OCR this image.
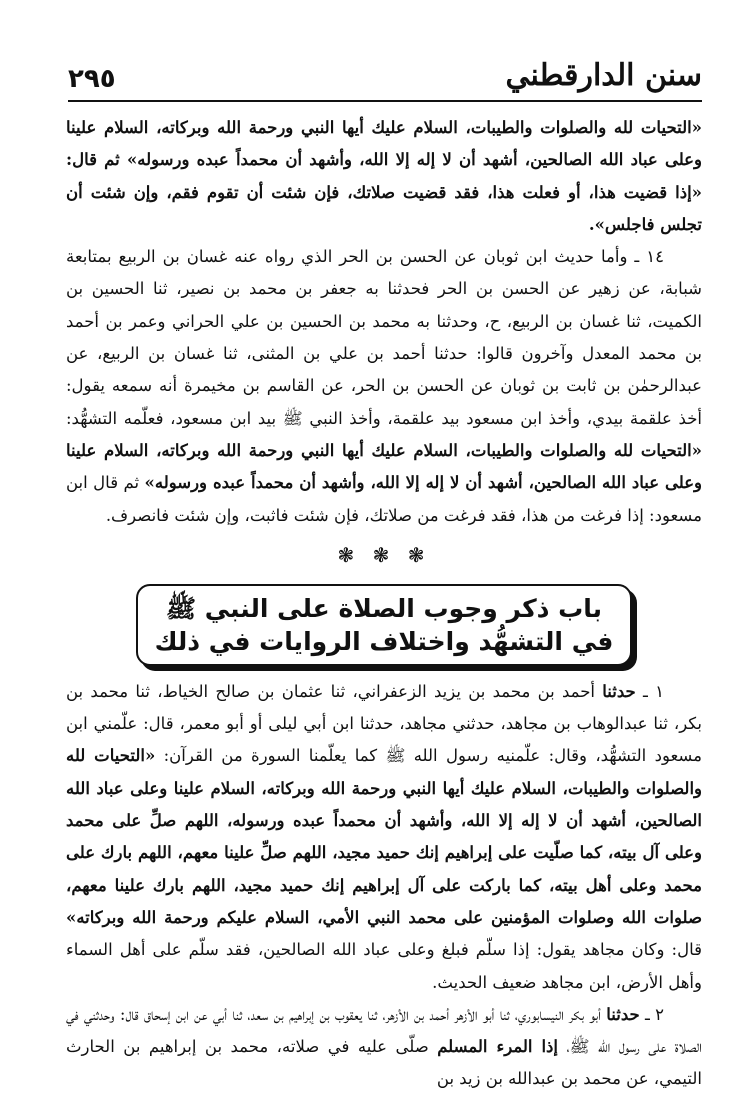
٢٩٥	سنن الدارقطني

«التحيات لله والصلوات والطيبات، السلام عليك أيها النبي ورحمة الله وبركاته، السلام علينا وعلى عباد الله الصالحين، أشهد أن لا إله إلا الله، وأشهد أن محمداً عبده ورسوله» ثم قال: «إذا قضيت هذا، أو فعلت هذا، فقد قضيت صلاتك، فإن شئت أن تقوم فقم، وإن شئت أن تجلس فاجلس».

١٤ ـ وأما حديث ابن ثوبان عن الحسن بن الحر الذي رواه عنه غسان بن الربيع بمتابعة شبابة، عن زهير عن الحسن بن الحر فحدثنا به جعفر بن محمد بن نصير، ثنا الحسين بن الكميت، ثنا غسان بن الربيع، ح، وحدثنا به محمد بن الحسين بن علي الحراني وعمر بن أحمد بن محمد المعدل وآخرون قالوا: حدثنا أحمد بن علي بن المثنى، ثنا غسان بن الربيع، عن عبدالرحمٰن بن ثابت بن ثوبان عن الحسن بن الحر، عن القاسم بن مخيمرة أنه سمعه يقول: أخذ علقمة بيدي، وأخذ ابن مسعود بيد علقمة، وأخذ النبي ﷺ بيد ابن مسعود، فعلّمه التشهُّد: «التحيات لله والصلوات والطيبات، السلام عليك أيها النبي ورحمة الله وبركاته، السلام علينا وعلى عباد الله الصالحين، أشهد أن لا إله إلا الله، وأشهد أن محمداً عبده ورسوله» ثم قال ابن مسعود: إذا فرغت من هذا، فقد فرغت من صلاتك، فإن شئت فاثبت، وإن شئت فانصرف.

❃ ❃ ❃
باب ذكر وجوب الصلاة على النبي ﷺ
في التشهُّد واختلاف الروايات في ذلك

١ ـ حدثنا أحمد بن محمد بن يزيد الزعفراني، ثنا عثمان بن صالح الخياط، ثنا محمد بن بكر، ثنا عبدالوهاب بن مجاهد، حدثني مجاهد، حدثنا ابن أبي ليلى أو أبو معمر، قال: علّمني ابن مسعود التشهُّد، وقال: علّمنيه رسول الله ﷺ كما يعلّمنا السورة من القرآن: «التحيات لله والصلوات والطيبات، السلام عليك أيها النبي ورحمة الله وبركاته، السلام علينا وعلى عباد الله الصالحين، أشهد أن لا إله إلا الله، وأشهد أن محمداً عبده ورسوله، اللهم صلِّ على محمد وعلى آل بيته، كما صلّيت على إبراهيم إنك حميد مجيد، اللهم صلِّ علينا معهم، اللهم بارك على محمد وعلى أهل بيته، كما باركت على آل إبراهيم إنك حميد مجيد، اللهم بارك علينا معهم، صلوات الله وصلوات المؤمنين على محمد النبي الأمي، السلام عليكم ورحمة الله وبركاته» قال: وكان مجاهد يقول: إذا سلّم فبلغ وعلى عباد الله الصالحين، فقد سلّم على أهل السماء وأهل الأرض، ابن مجاهد ضعيف الحديث.

٢ ـ حدثنا أبو بكر النيسابوري، ثنا أبو الأزهر أحمد بن الأزهر، ثنا يعقوب بن إبراهيم بن سعد، ثنا أبي عن ابن إسحاق قال: وحدثني في الصلاة على رسول الله ﷺ، إذا المرء المسلم صلّى عليه في صلاته، محمد بن إبراهيم بن الحارث التيمي، عن محمد بن عبدالله بن زيد بن
